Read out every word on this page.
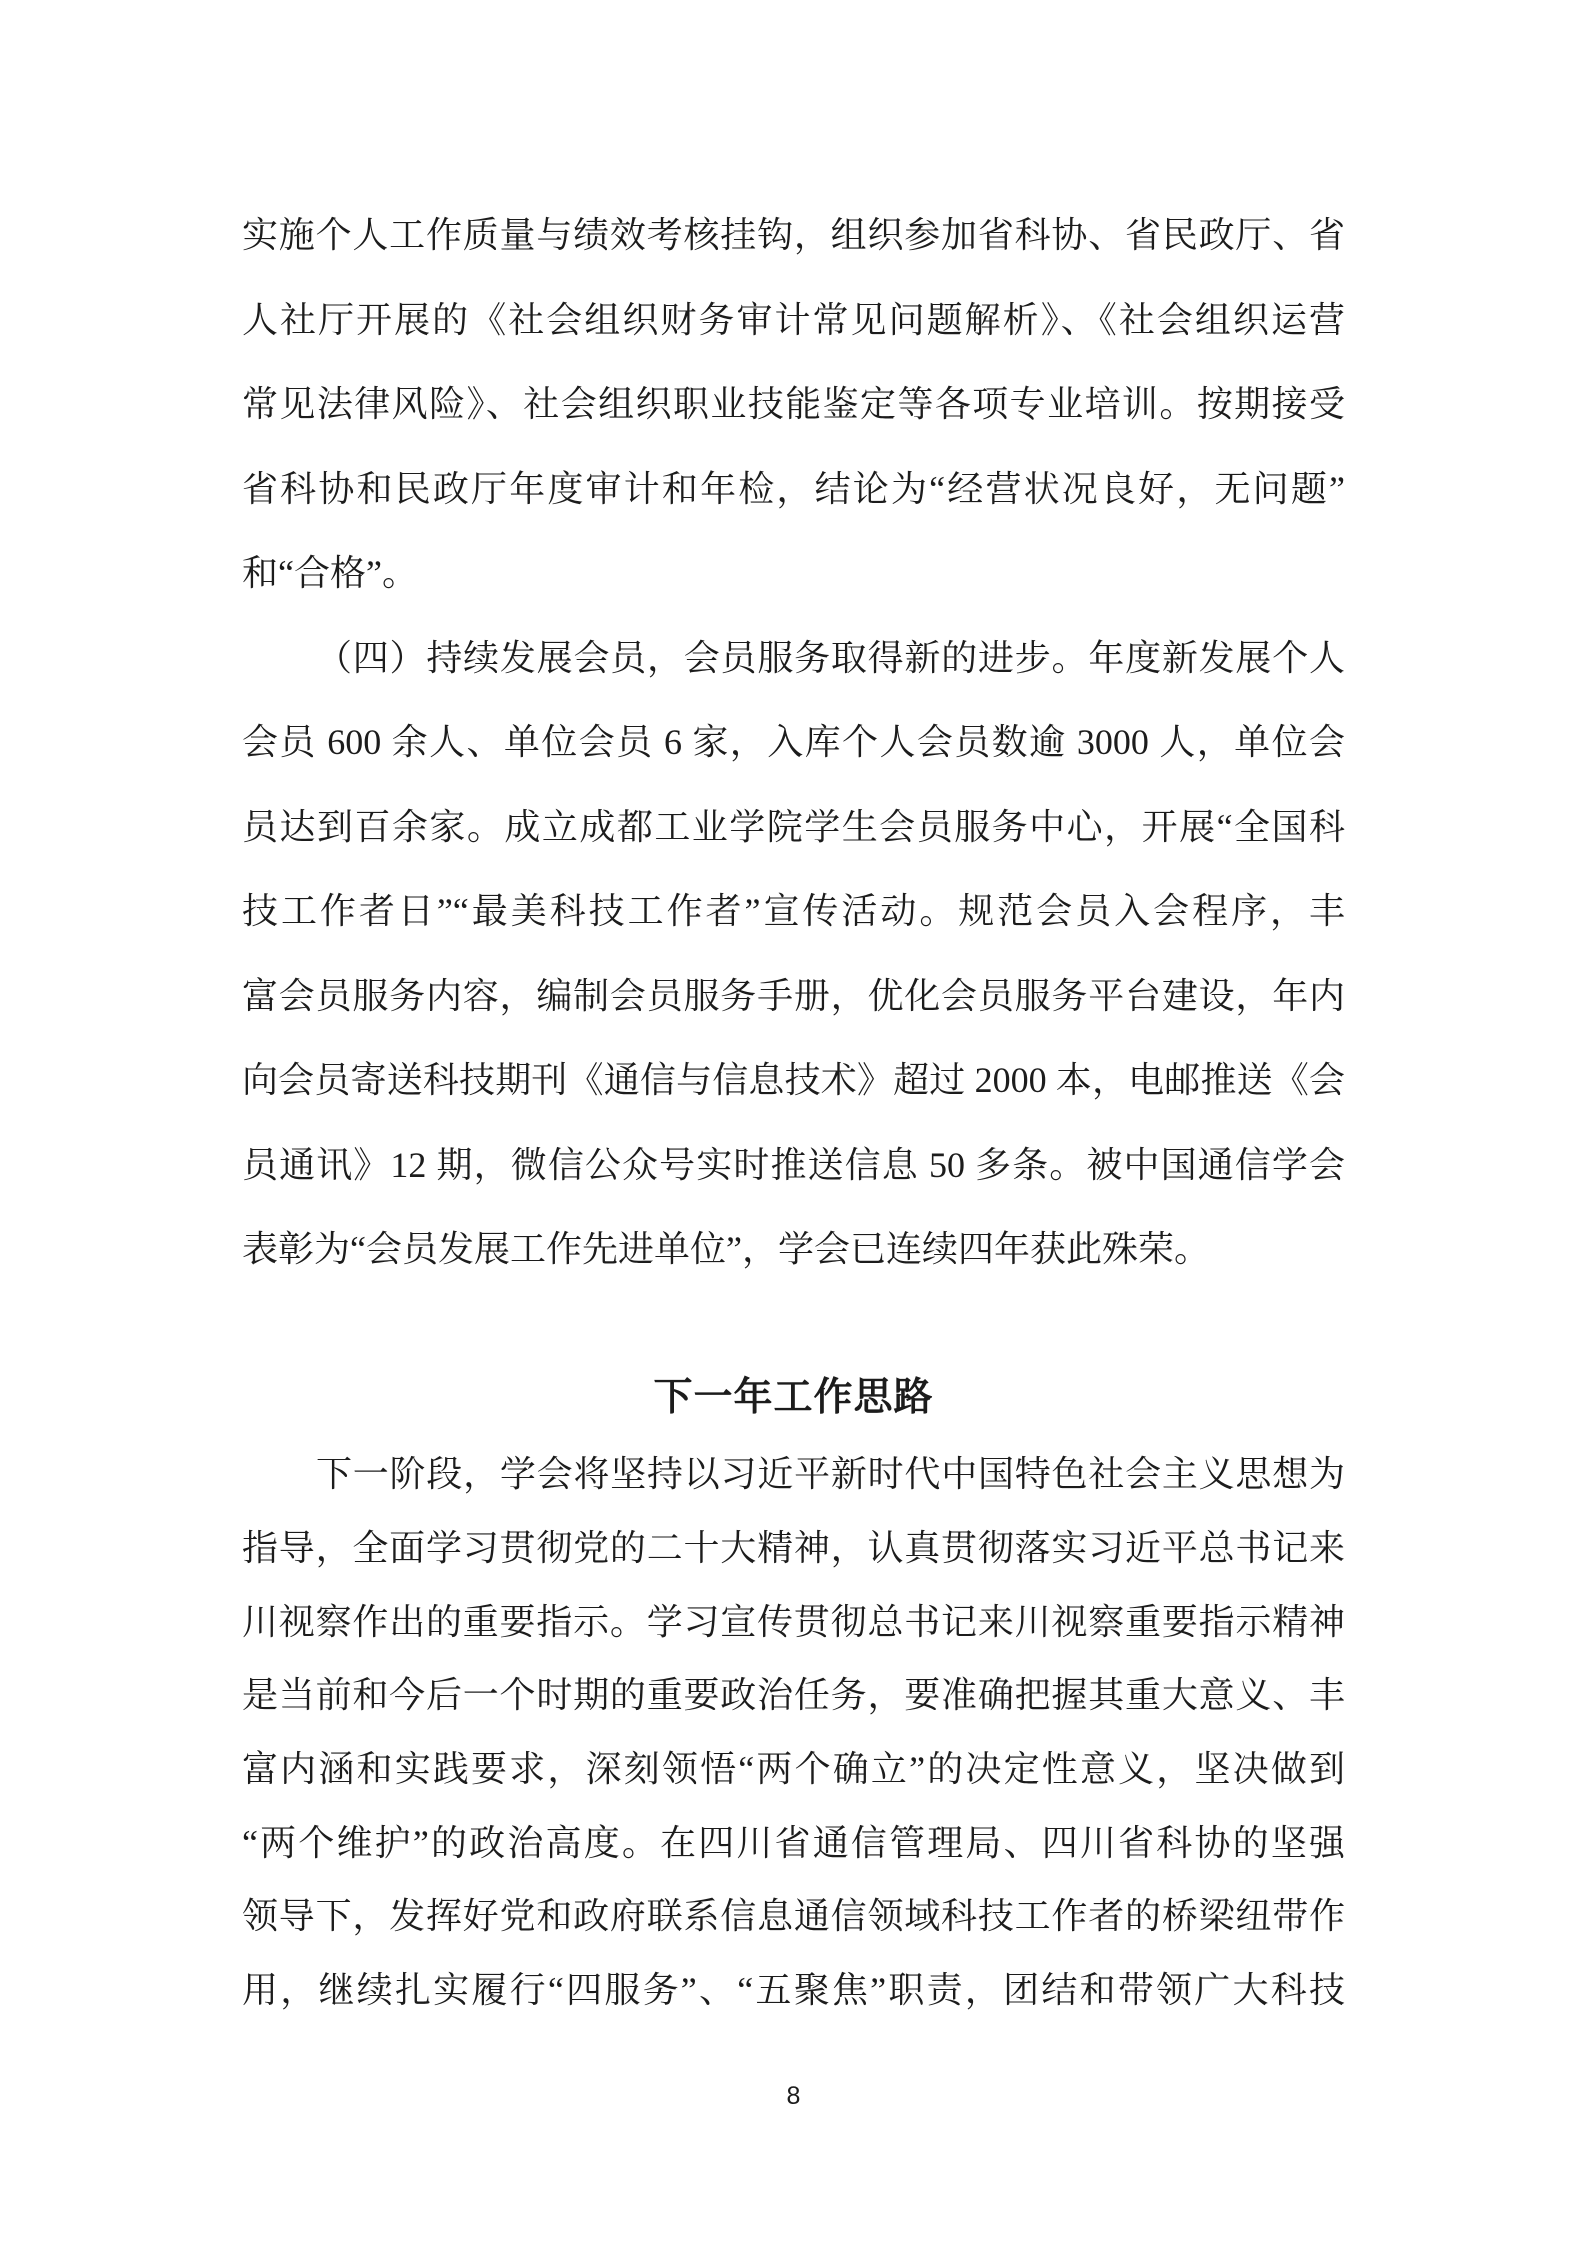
实施个人工作质量与绩效考核挂钩，组织参加省科协、省民政厅、省
人社厅开展的《社会组织财务审计常见问题解析》、《社会组织运营
常见法律风险》、社会组织职业技能鉴定等各项专业培训。按期接受
省科协和民政厅年度审计和年检，结论为“经营状况良好，无问题”
和“合格”。
（四）持续发展会员，会员服务取得新的进步。年度新发展个人
会员 600 余人、单位会员 6 家，入库个人会员数逾 3000 人，单位会
员达到百余家。成立成都工业学院学生会员服务中心，开展“全国科
技工作者日”“最美科技工作者”宣传活动。规范会员入会程序，丰
富会员服务内容，编制会员服务手册，优化会员服务平台建设，年内
向会员寄送科技期刊《通信与信息技术》超过 2000 本，电邮推送《会
员通讯》12 期，微信公众号实时推送信息 50 多条。被中国通信学会
表彰为“会员发展工作先进单位”，学会已连续四年获此殊荣。
下一年工作思路
下一阶段，学会将坚持以习近平新时代中国特色社会主义思想为
指导，全面学习贯彻党的二十大精神，认真贯彻落实习近平总书记来
川视察作出的重要指示。学习宣传贯彻总书记来川视察重要指示精神
是当前和今后一个时期的重要政治任务，要准确把握其重大意义、丰
富内涵和实践要求，深刻领悟“两个确立”的决定性意义，坚决做到
“两个维护”的政治高度。在四川省通信管理局、四川省科协的坚强
领导下，发挥好党和政府联系信息通信领域科技工作者的桥梁纽带作
用，继续扎实履行“四服务”、“五聚焦”职责，团结和带领广大科技
8
